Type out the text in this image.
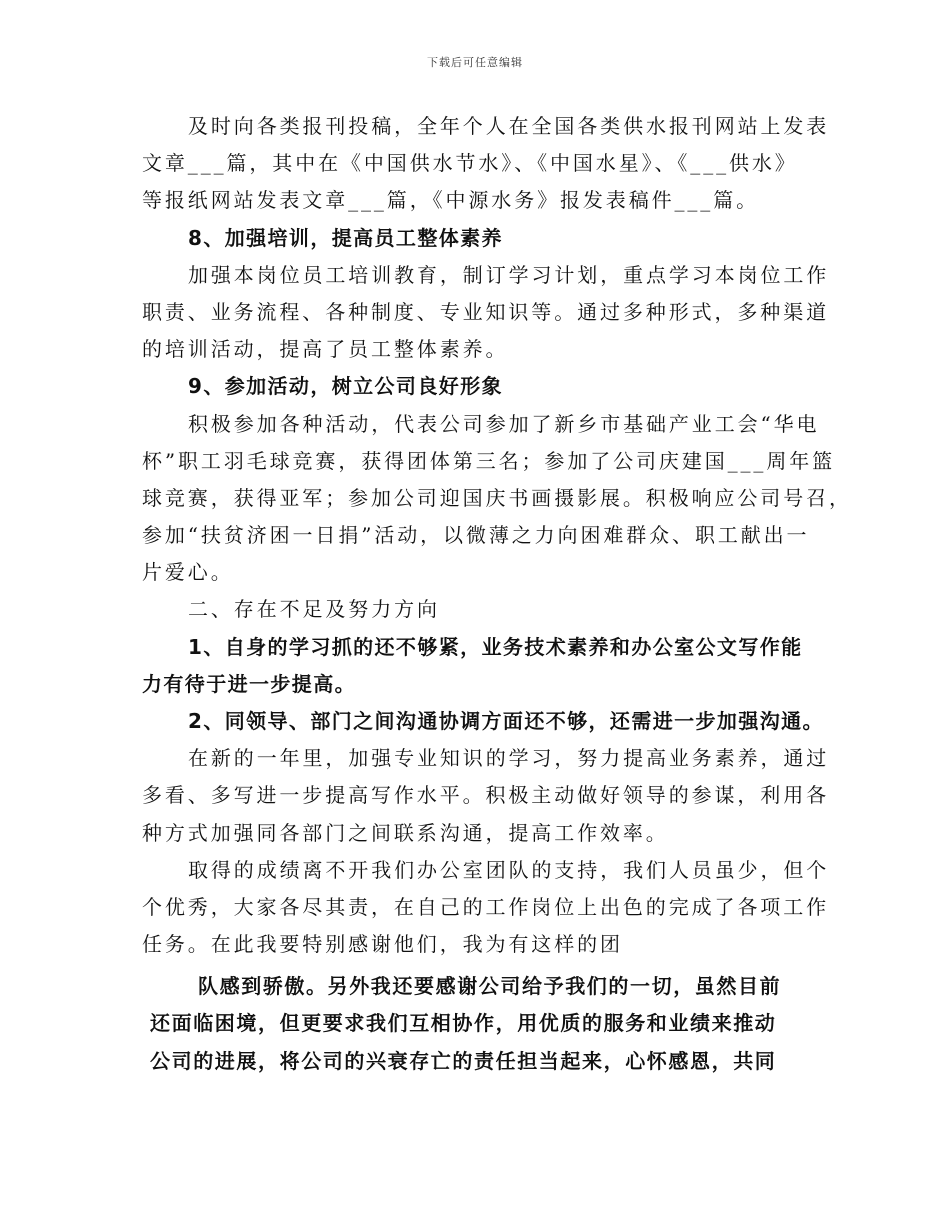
下载后可任意编辑
及时向各类报刊投稿，全年个人在全国各类供水报刊网站上发表
文章___篇，其中在《中国供水节水》、《中国水星》、《___供水》
等报纸网站发表文章___篇，《中源水务》报发表稿件___篇。
8、加强培训，提高员工整体素养
加强本岗位员工培训教育，制订学习计划，重点学习本岗位工作
职责、业务流程、各种制度、专业知识等。通过多种形式，多种渠道
的培训活动，提高了员工整体素养。
9、参加活动，树立公司良好形象
积极参加各种活动，代表公司参加了新乡市基础产业工会“华电
杯”职工羽毛球竞赛，获得团体第三名；参加了公司庆建国___周年篮
球竞赛，获得亚军；参加公司迎国庆书画摄影展。积极响应公司号召，
参加“扶贫济困一日捐”活动，以微薄之力向困难群众、职工献出一
片爱心。
二、存在不足及努力方向
1、自身的学习抓的还不够紧，业务技术素养和办公室公文写作能
力有待于进一步提高。
2、同领导、部门之间沟通协调方面还不够，还需进一步加强沟通。
在新的一年里，加强专业知识的学习，努力提高业务素养，通过
多看、多写进一步提高写作水平。积极主动做好领导的参谋，利用各
种方式加强同各部门之间联系沟通，提高工作效率。
取得的成绩离不开我们办公室团队的支持，我们人员虽少，但个
个优秀，大家各尽其责，在自己的工作岗位上出色的完成了各项工作
任务。在此我要特别感谢他们，我为有这样的团
队感到骄傲。另外我还要感谢公司给予我们的一切，虽然目前
还面临困境，但更要求我们互相协作，用优质的服务和业绩来推动
公司的进展，将公司的兴衰存亡的责任担当起来，心怀感恩，共同
